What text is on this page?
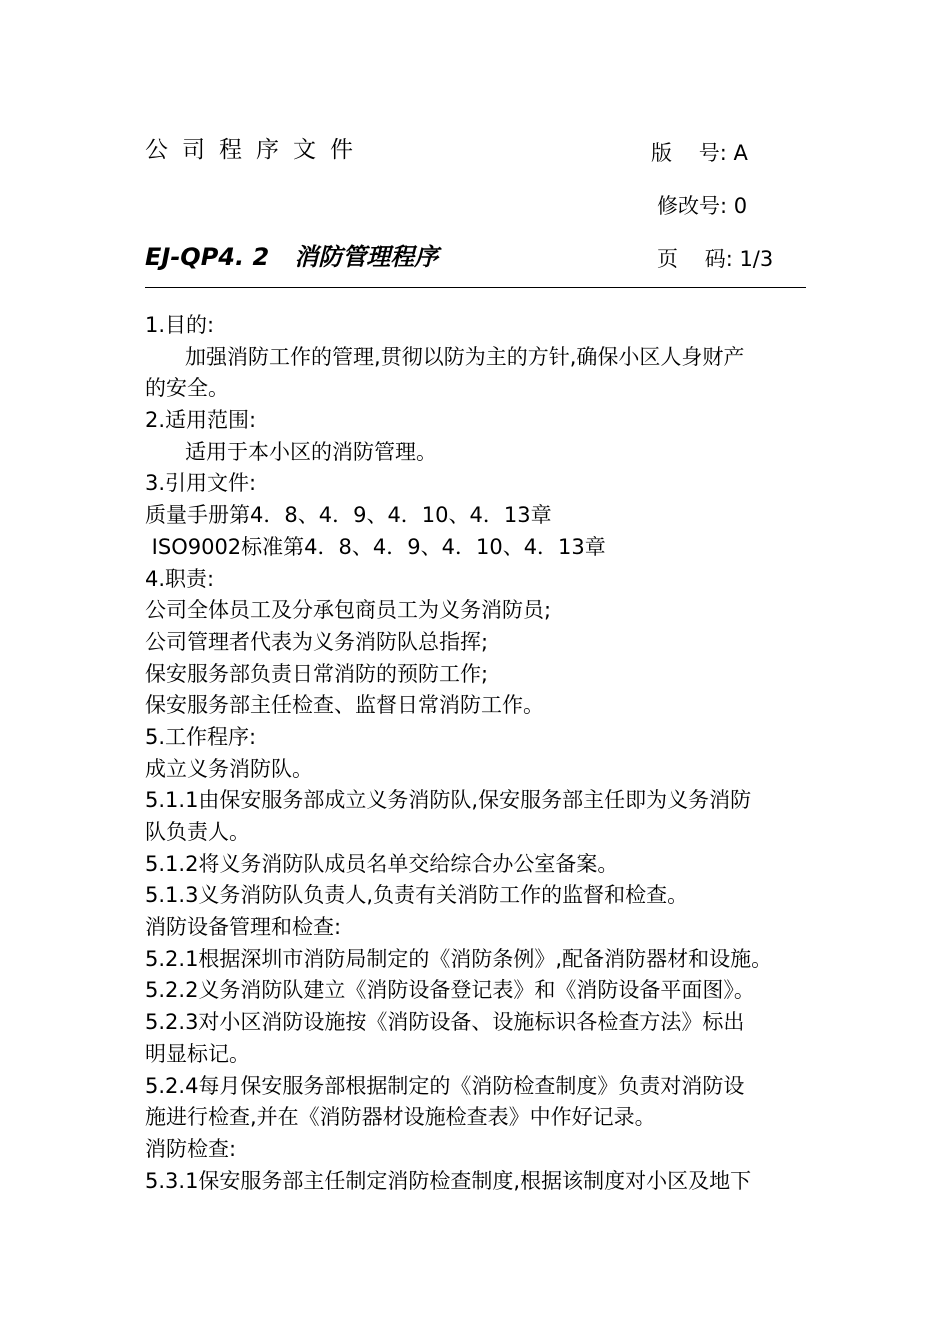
公司程序文件	版    号: A
修改号: 0
EJ-QP4. 2   消防管理程序	页    码: 1/3
1.目的:
加强消防工作的管理,贯彻以防为主的方针,确保小区人身财产
的安全。
2.适用范围:
适用于本小区的消防管理。
3.引用文件:
质量手册第4．8、4．9、4．10、4．13章
ISO9002标准第4．8、4．9、4．10、4．13章
4.职责:
公司全体员工及分承包商员工为义务消防员;
公司管理者代表为义务消防队总指挥;
保安服务部负责日常消防的预防工作;
保安服务部主任检查、监督日常消防工作。
5.工作程序:
成立义务消防队。
5.1.1由保安服务部成立义务消防队,保安服务部主任即为义务消防
队负责人。
5.1.2将义务消防队成员名单交给综合办公室备案。
5.1.3义务消防队负责人,负责有关消防工作的监督和检查。
消防设备管理和检查:
5.2.1根据深圳市消防局制定的《消防条例》,配备消防器材和设施。
5.2.2义务消防队建立《消防设备登记表》和《消防设备平面图》。
5.2.3对小区消防设施按《消防设备、设施标识各检查方法》标出
明显标记。
5.2.4每月保安服务部根据制定的《消防检查制度》负责对消防设
施进行检查,并在《消防器材设施检查表》中作好记录。
消防检查:
5.3.1保安服务部主任制定消防检查制度,根据该制度对小区及地下
